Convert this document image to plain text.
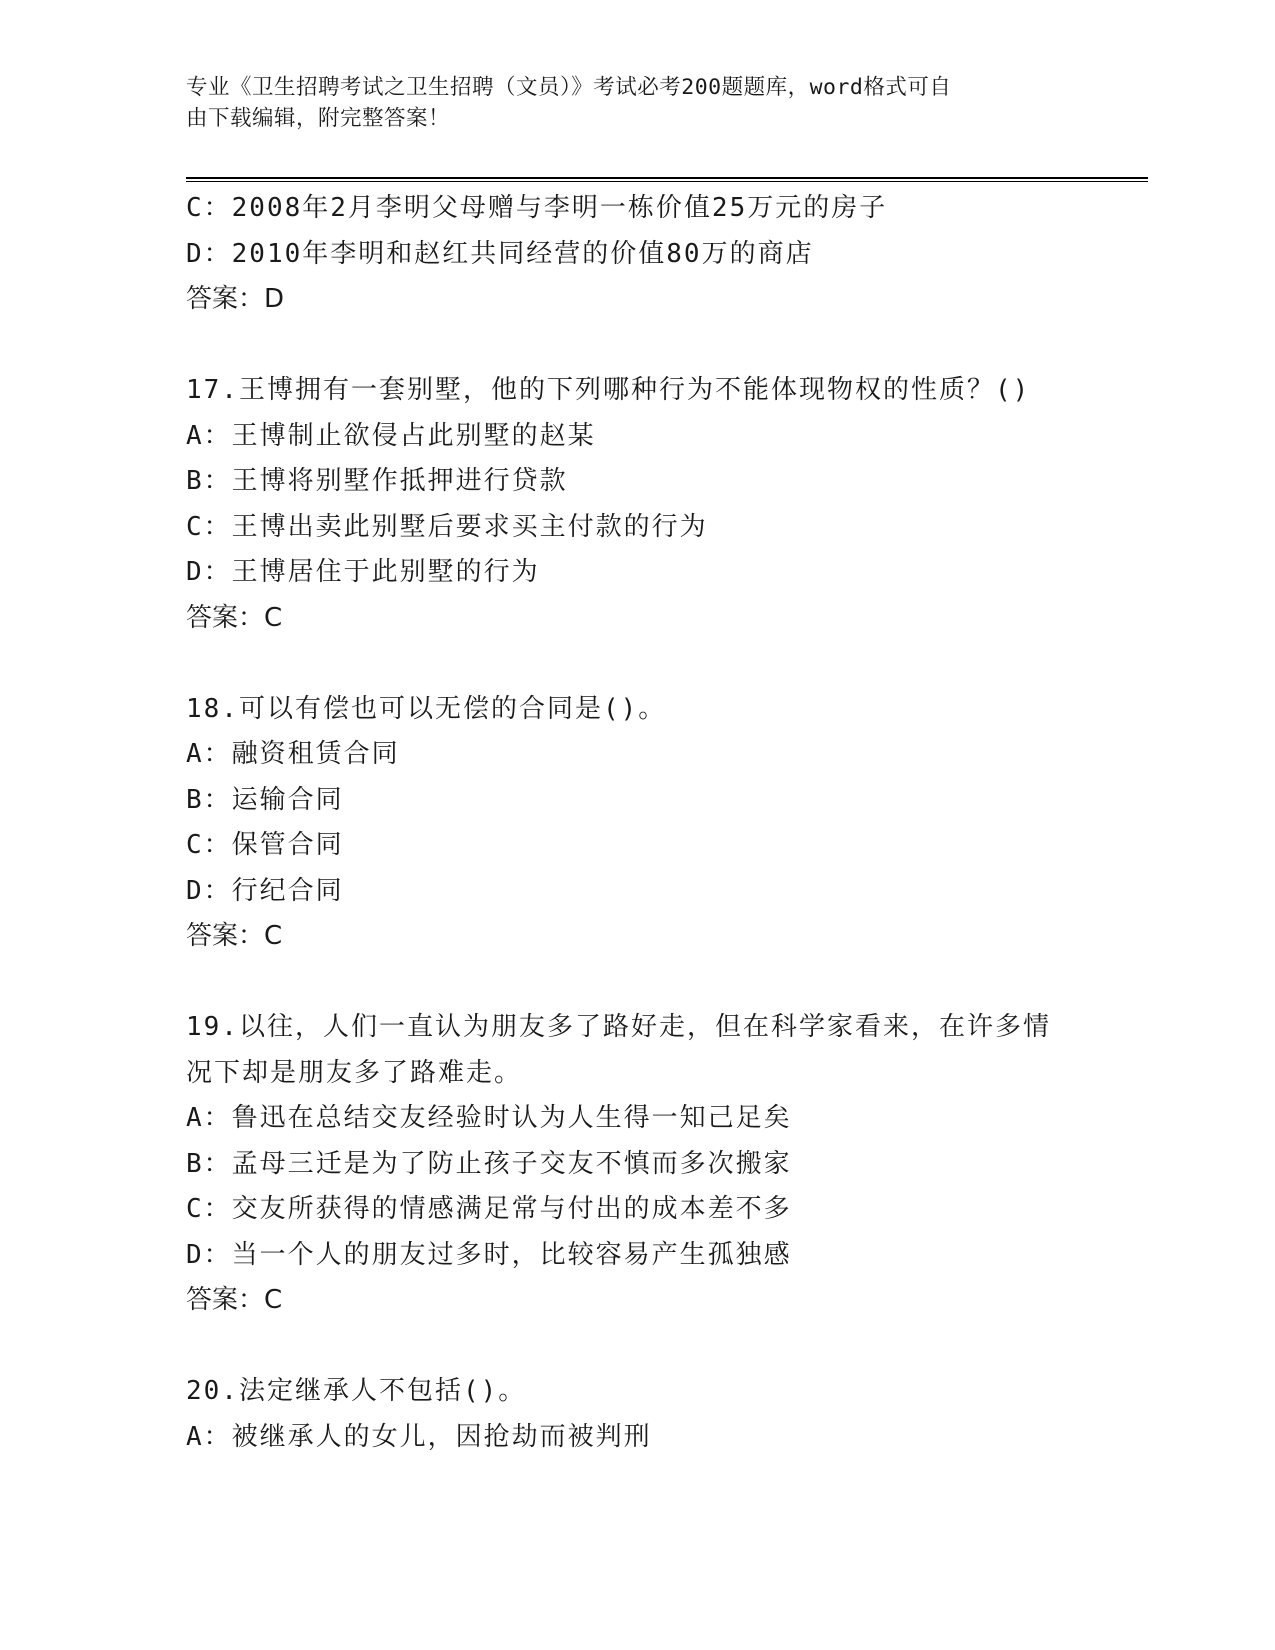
专业《卫生招聘考试之卫生招聘（文员）》考试必考200题题库，word格式可自
由下载编辑，附完整答案！
C：2008年2月李明父母赠与李明一栋价值25万元的房子
D：2010年李明和赵红共同经营的价值80万的商店
答案：D
17.王博拥有一套别墅，他的下列哪种行为不能体现物权的性质？()
A：王博制止欲侵占此别墅的赵某
B：王博将别墅作抵押进行贷款
C：王博出卖此别墅后要求买主付款的行为
D：王博居住于此别墅的行为
答案：C
18.可以有偿也可以无偿的合同是()。
A：融资租赁合同
B：运输合同
C：保管合同
D：行纪合同
答案：C
19.以往，人们一直认为朋友多了路好走，但在科学家看来，在许多情
况下却是朋友多了路难走。
A：鲁迅在总结交友经验时认为人生得一知己足矣
B：孟母三迁是为了防止孩子交友不慎而多次搬家
C：交友所获得的情感满足常与付出的成本差不多
D：当一个人的朋友过多时，比较容易产生孤独感
答案：C
20.法定继承人不包括()。
A：被继承人的女儿，因抢劫而被判刑
